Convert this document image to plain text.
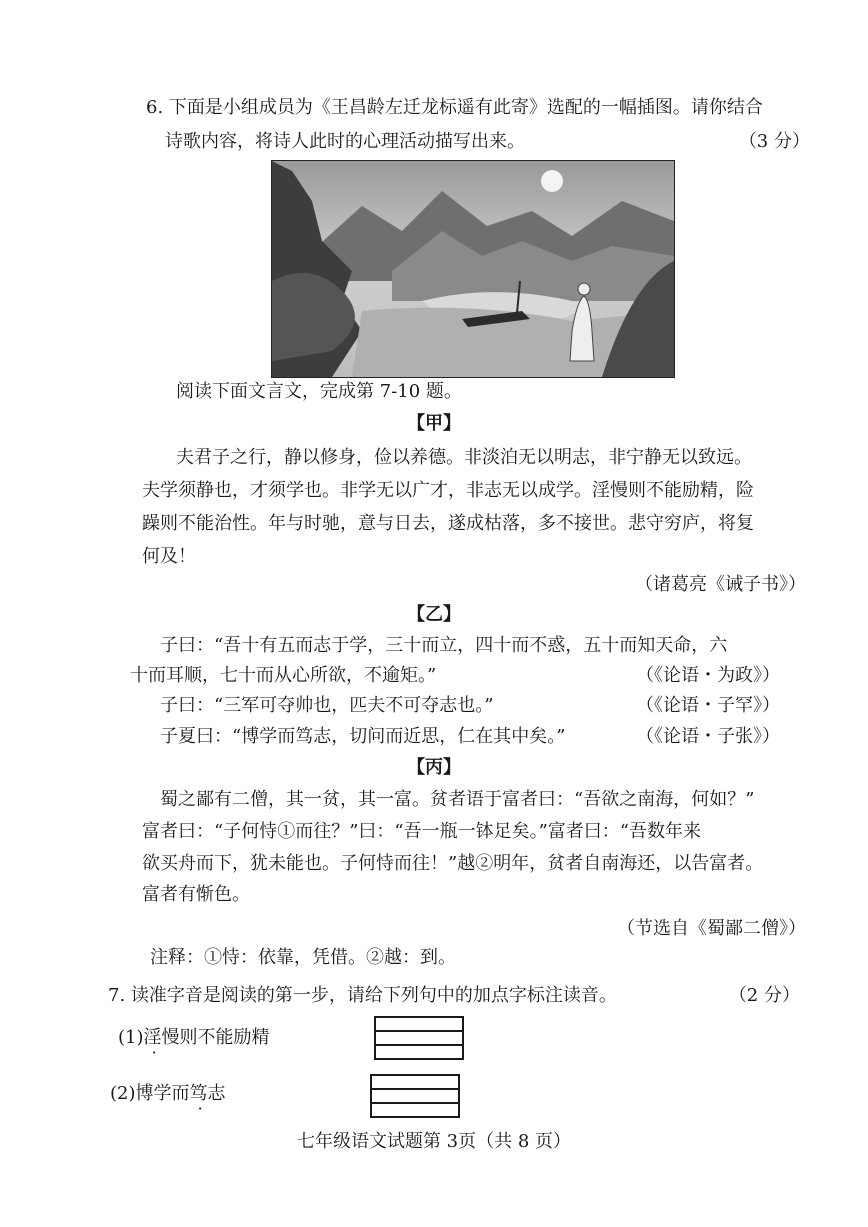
6. 下面是小组成员为《王昌龄左迁龙标遥有此寄》选配的一幅插图。请你结合
诗歌内容，将诗人此时的心理活动描写出来。	（3 分）
阅读下面文言文，完成第 7-10 题。
【甲】
夫君子之行，静以修身，俭以养德。非淡泊无以明志，非宁静无以致远。
夫学须静也，才须学也。非学无以广才，非志无以成学。淫慢则不能励精，险
躁则不能治性。年与时驰，意与日去，遂成枯落，多不接世。悲守穷庐，将复
何及！
（诸葛亮《诫子书》）
【乙】
子曰：“吾十有五而志于学，三十而立，四十而不惑，五十而知天命，六
十而耳顺，七十而从心所欲，不逾矩。”	（《论语・为政》）
子曰：“三军可夺帅也，匹夫不可夺志也。”	（《论语・子罕》）
子夏曰：“博学而笃志，切问而近思，仁在其中矣。”	（《论语・子张》）
【丙】
蜀之鄙有二僧，其一贫，其一富。贫者语于富者曰：“吾欲之南海，何如？”
富者曰：“子何恃①而往？”曰：“吾一瓶一钵足矣。”富者曰：“吾数年来
欲买舟而下，犹未能也。子何恃而往！”越②明年，贫者自南海还，以告富者。
富者有惭色。
（节选自《蜀鄙二僧》）
注释：①恃：依靠，凭借。②越：到。
7. 读准字音是阅读的第一步，请给下列句中的加点字标注读音。	（2 分）
(1)淫慢则不能励精
(2)博学而笃志
七年级语文试题第 3页（共 8 页）
